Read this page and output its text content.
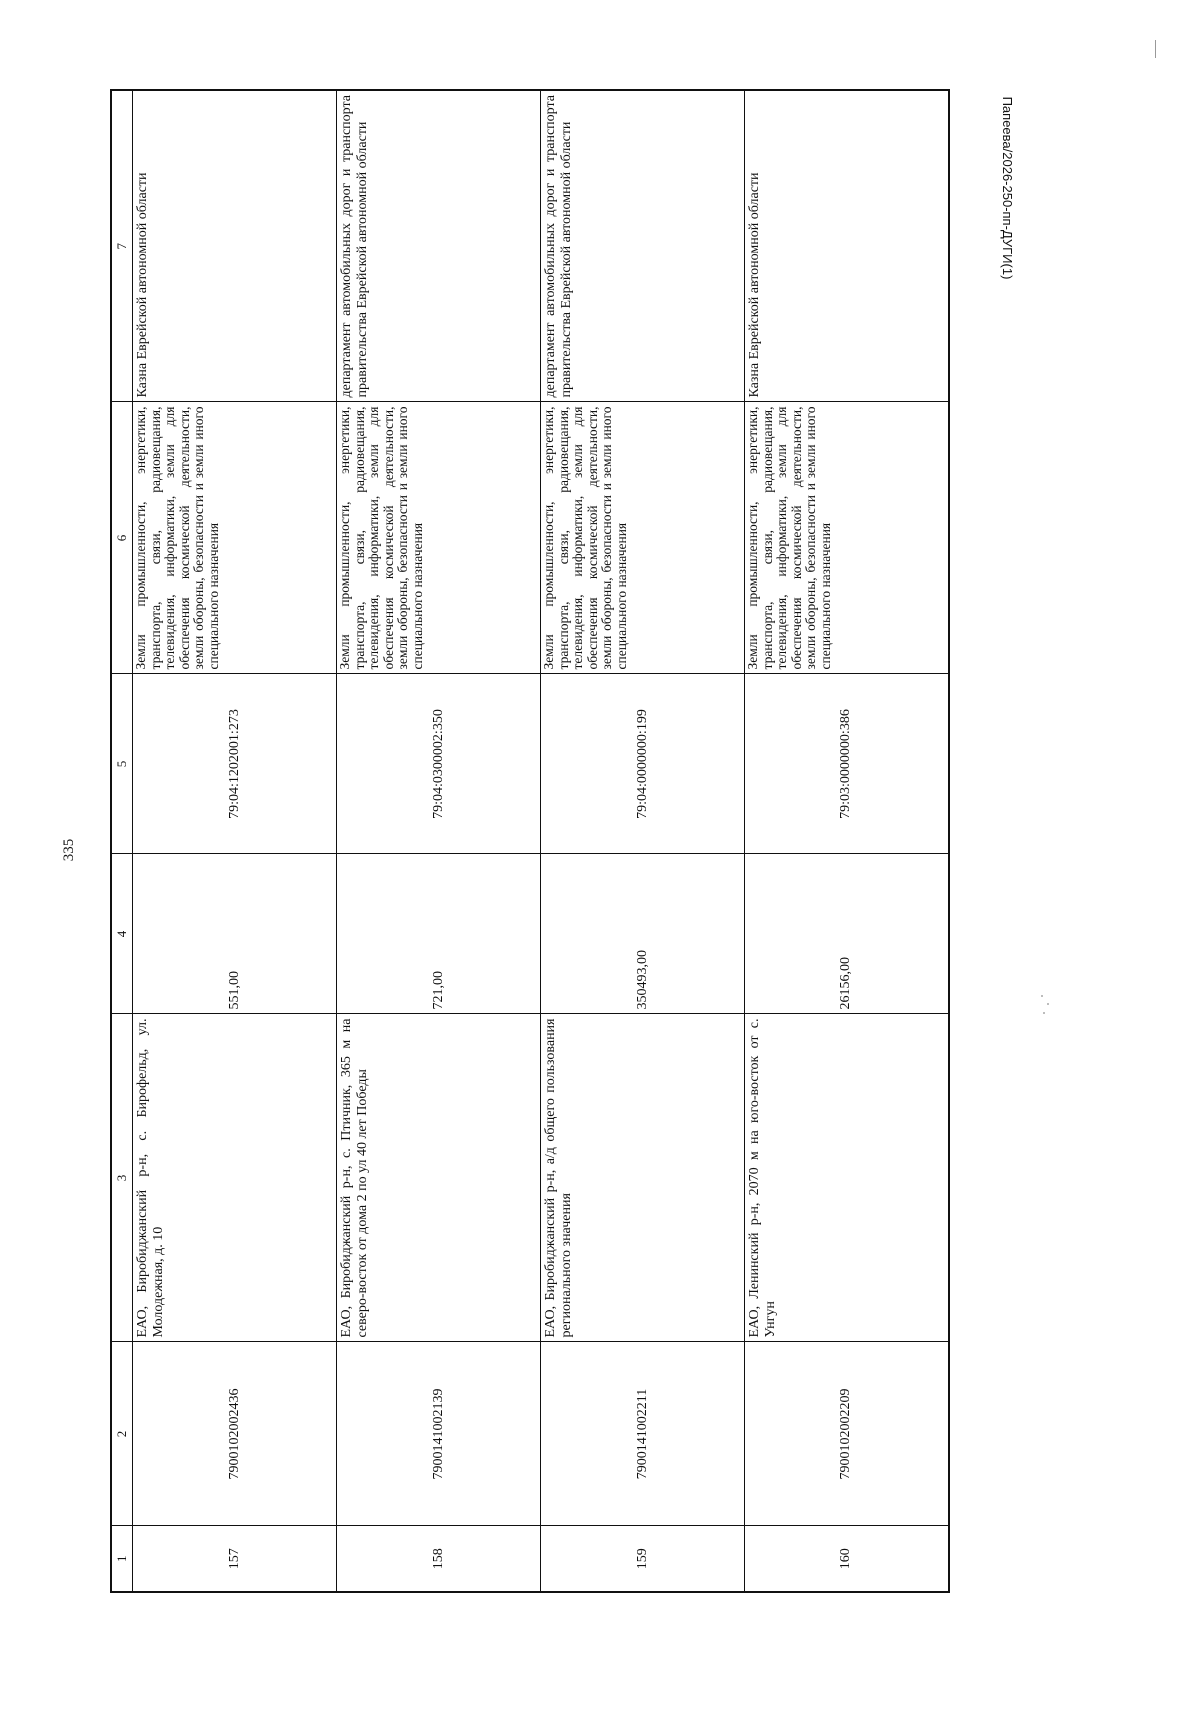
335
Папеева/2026-250-пп-ДУГИ(1)
1	2	3	4	5	6	7
157	7900102002436	ЕАО, Биробиджанский р-н, с. Бирофельд, ул. Молодежная, д. 10	551,00	79:04:1202001:273	Земли промышленности, энергетики, транспорта, связи, радиовещания, телевидения, информатики, земли для обеспечения космической деятельности, земли обороны, безопасности и земли иного специального назначения	Казна Еврейской автономной области
158	7900141002139	ЕАО, Биробиджанский р-н, с. Птичник, 365 м на северо-восток от дома 2 по ул 40 лет Победы	721,00	79:04:0300002:350	Земли промышленности, энергетики, транспорта, связи, радиовещания, телевидения, информатики, земли для обеспечения космической деятельности, земли обороны, безопасности и земли иного специального назначения	департамент автомобильных дорог и транспорта правительства Еврейской автономной области
159	7900141002211	ЕАО, Биробиджанский р-н, а/д общего пользования регионального значения	350493,00	79:04:0000000:199	Земли промышленности, энергетики, транспорта, связи, радиовещания, телевидения, информатики, земли для обеспечения космической деятельности, земли обороны, безопасности и земли иного специального назначения	департамент автомобильных дорог и транспорта правительства Еврейской автономной области
160	7900102002209	ЕАО, Ленинский р-н, 2070 м на юго-восток от с. Унгун	26156,00	79:03:0000000:386	Земли промышленности, энергетики, транспорта, связи, радиовещания, телевидения, информатики, земли для обеспечения космической деятельности, земли обороны, безопасности и земли иного специального назначения	Казна Еврейской автономной области
